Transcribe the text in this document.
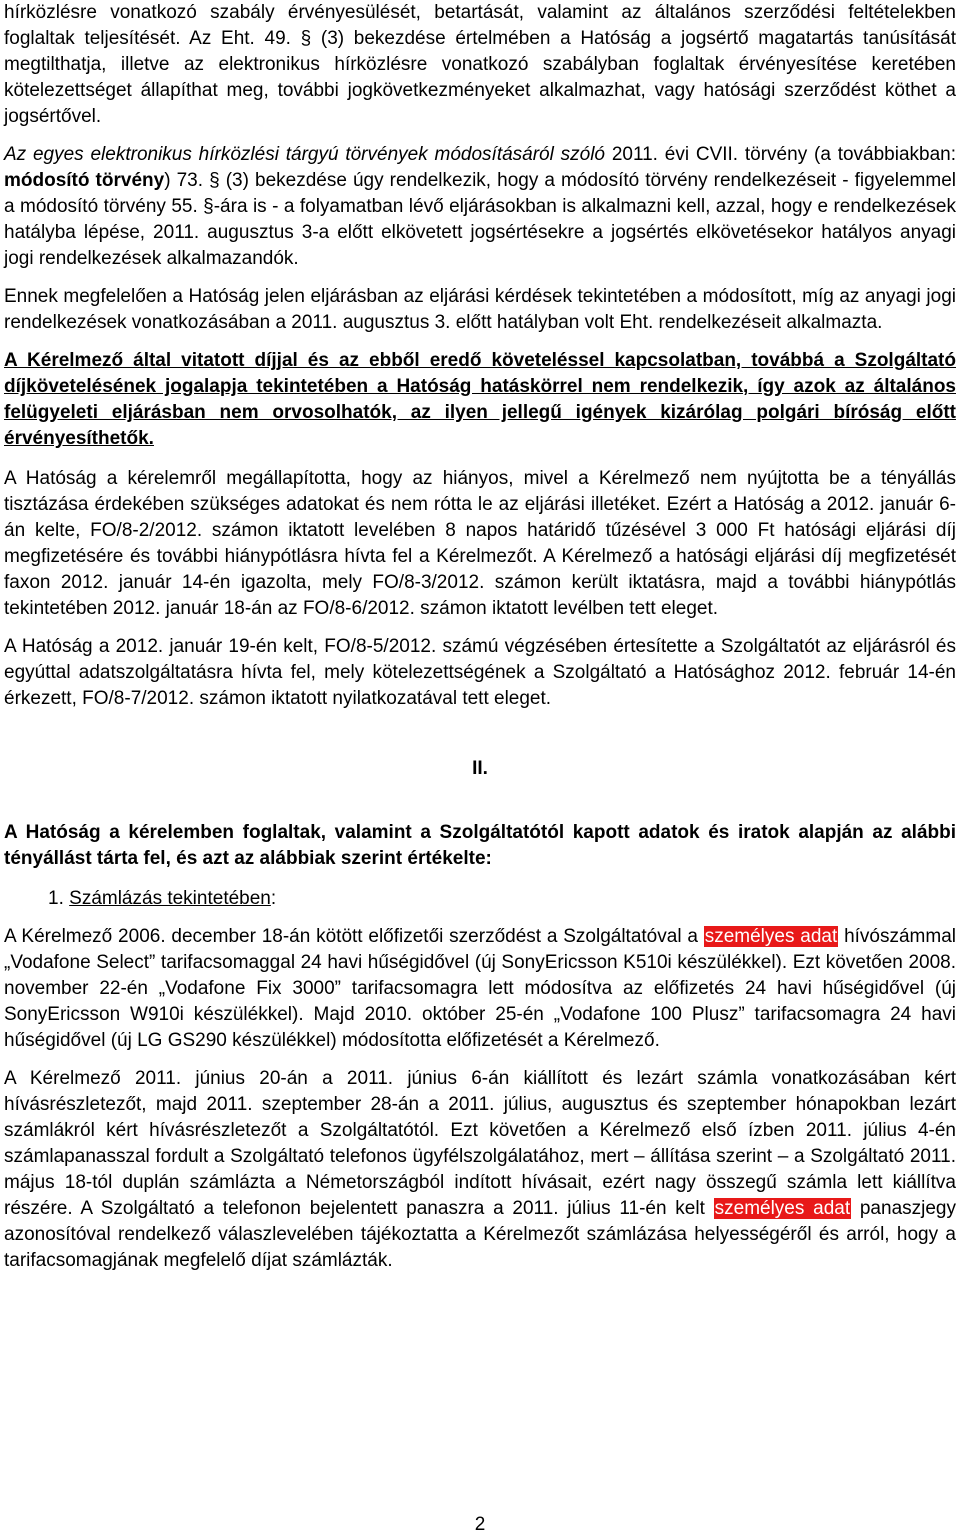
hírközlésre vonatkozó szabály érvényesülését, betartását, valamint az általános szerződési feltételekben foglaltak teljesítését. Az Eht. 49. § (3) bekezdése értelmében a Hatóság a jogsértő magatartás tanúsítását megtilthatja, illetve az elektronikus hírközlésre vonatkozó szabályban foglaltak érvényesítése keretében kötelezettséget állapíthat meg, további jogkövetkezményeket alkalmazhat, vagy hatósági szerződést köthet a jogsértővel.

Az egyes elektronikus hírközlési tárgyú törvények módosításáról szóló 2011. évi CVII. törvény (a továbbiakban: módosító törvény) 73. § (3) bekezdése úgy rendelkezik, hogy a módosító törvény rendelkezéseit - figyelemmel a módosító törvény 55. §-ára is - a folyamatban lévő eljárásokban is alkalmazni kell, azzal, hogy e rendelkezések hatályba lépése, 2011. augusztus 3-a előtt elkövetett jogsértésekre a jogsértés elkövetésekor hatályos anyagi jogi rendelkezések alkalmazandók.

Ennek megfelelően a Hatóság jelen eljárásban az eljárási kérdések tekintetében a módosított, míg az anyagi jogi rendelkezések vonatkozásában a 2011. augusztus 3. előtt hatályban volt Eht. rendelkezéseit alkalmazta.

A Kérelmező által vitatott díjjal és az ebből eredő követeléssel kapcsolatban, továbbá a Szolgáltató díjkövetelésének jogalapja tekintetében a Hatóság hatáskörrel nem rendelkezik, így azok az általános felügyeleti eljárásban nem orvosolhatók, az ilyen jellegű igények kizárólag polgári bíróság előtt érvényesíthetők.

A Hatóság a kérelemről megállapította, hogy az hiányos, mivel a Kérelmező nem nyújtotta be a tényállás tisztázása érdekében szükséges adatokat és nem rótta le az eljárási illetéket. Ezért a Hatóság a 2012. január 6-án kelte, FO/8-2/2012. számon iktatott levelében 8 napos határidő tűzésével 3 000 Ft hatósági eljárási díj megfizetésére és további hiánypótlásra hívta fel a Kérelmezőt. A Kérelmező a hatósági eljárási díj megfizetését faxon 2012. január 14-én igazolta, mely FO/8-3/2012. számon került iktatásra, majd a további hiánypótlás tekintetében 2012. január 18-án az FO/8-6/2012. számon iktatott levélben tett eleget.

A Hatóság a 2012. január 19-én kelt, FO/8-5/2012. számú végzésében értesítette a Szolgáltatót az eljárásról és egyúttal adatszolgáltatásra hívta fel, mely kötelezettségének a Szolgáltató a Hatósághoz 2012. február 14-én érkezett, FO/8-7/2012. számon iktatott nyilatkozatával tett eleget.

II.

A Hatóság a kérelemben foglaltak, valamint a Szolgáltatótól kapott adatok és iratok alapján az alábbi tényállást tárta fel, és azt az alábbiak szerint értékelte:

1. Számlázás tekintetében:

A Kérelmező 2006. december 18-án kötött előfizetői szerződést a Szolgáltatóval a személyes adat hívószámmal „Vodafone Select” tarifacsomaggal 24 havi hűségidővel (új SonyEricsson K510i készülékkel). Ezt követően 2008. november 22-én „Vodafone Fix 3000” tarifacsomagra lett módosítva az előfizetés 24 havi hűségidővel (új SonyEricsson W910i készülékkel). Majd 2010. október 25-én „Vodafone 100 Plusz” tarifacsomagra 24 havi hűségidővel (új LG GS290 készülékkel) módosította előfizetését a Kérelmező.

A Kérelmező 2011. június 20-án a 2011. június 6-án kiállított és lezárt számla vonatkozásában kért hívásrészletezőt, majd 2011. szeptember 28-án a 2011. július, augusztus és szeptember hónapokban lezárt számlákról kért hívásrészletezőt a Szolgáltatótól. Ezt követően a Kérelmező első ízben 2011. július 4-én számlapanasszal fordult a Szolgáltató telefonos ügyfélszolgálatához, mert – állítása szerint – a Szolgáltató 2011. május 18-tól duplán számlázta a Németországból indított hívásait, ezért nagy összegű számla lett kiállítva részére. A Szolgáltató a telefonon bejelentett panaszra a 2011. július 11-én kelt személyes adat panaszjegy azonosítóval rendelkező válaszlevelében tájékoztatta a Kérelmezőt számlázása helyességéről és arról, hogy a tarifacsomagjának megfelelő díjat számlázták.

2
